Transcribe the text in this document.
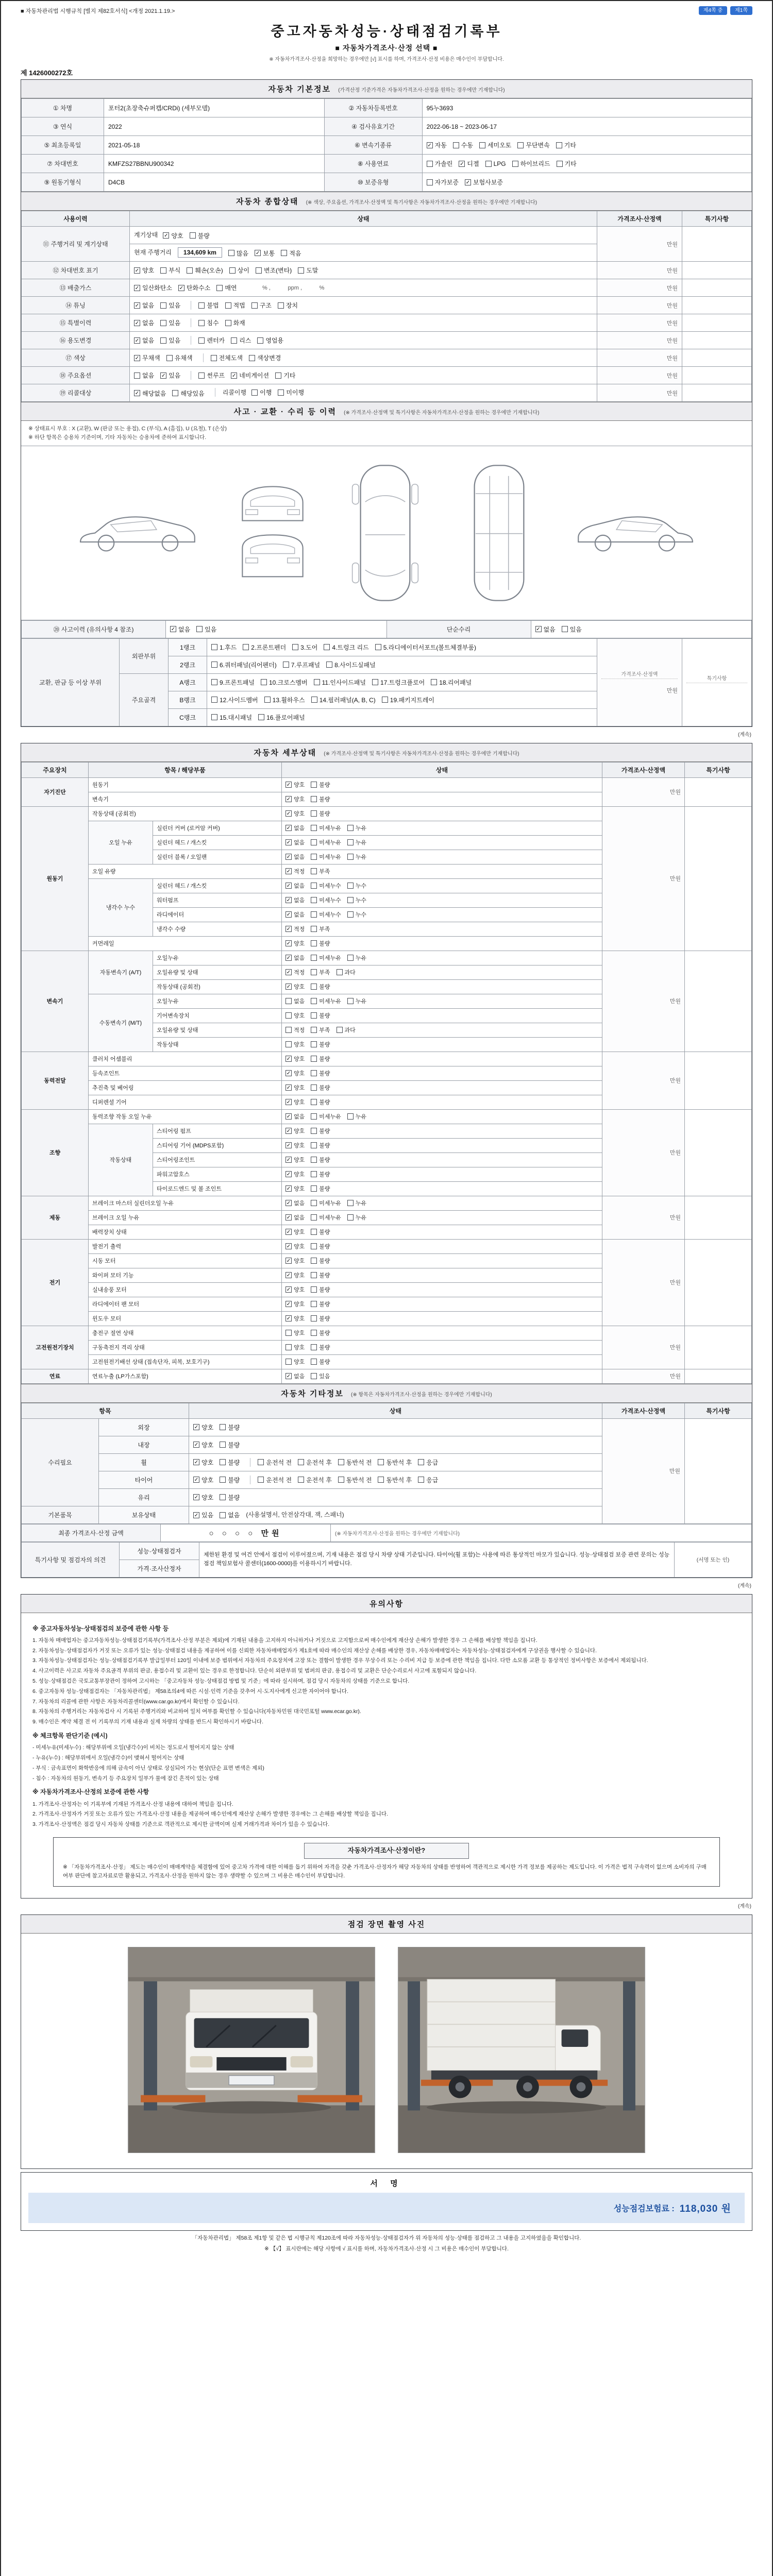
■ 자동차관리법 시행규칙 [별지 제82호서식] <개정 2021.1.19.>	제4쪽 중	제1쪽
중고자동차성능·상태점검기록부
■ 자동차가격조사·산정 선택 ■
※ 자동차가격조사·산정을 희망하는 경우에만 [√] 표시를 하며, 가격조사·산정 비용은 매수인이 부담합니다.
제 1426000272호
자동차 기본정보 (가격산정 기준가격은 자동차가격조사·산정을 원하는 경우에만 기재합니다)
① 차명	포터2(초장축슈퍼캡/CRDi) (세부모델)	② 자동차등록번호	95누3693
③ 연식	2022	④ 검사유효기간	2022-06-18 ~ 2023-06-17
⑤ 최초등록일	2021-05-18	⑥ 변속기종류	✓ 자동 수동 세미오토 무단변속 기타

⑦ 차대번호	KMFZS27BBNU900342	⑧ 사용연료	가솔린 ✓ 디젤 LPG 하이브리드 기타

⑨ 원동기형식	D4CB	⑩ 보증유형	자가보증 ✓ 보험사보증
자동차 종합상태 (※ 색상, 주요옵션, 가격조사·산정액 및 특기사항은 자동차가격조사·산정을 원하는 경우에만 기재합니다)
사용이력	상태	가격조사·산정액	특기사항
⑪ 주행거리 및 계기상태	계기상태 ✓ 양호 불량	만원	
현재 주행거리 134,609 km	많음 ✓ 보통 적음

⑫ 차대번호 표기	✓ 양호 부식 훼손(오손) 상이 변조(변타) 도말	만원	
⑬ 배출가스	✓ 일산화탄소 ✓ 탄화수소 매연 % ,           ppm ,           %	만원	
⑭ 튜닝	✓ 없음 있음	불법 적법 구조 장치	만원	
⑮ 특별이력	✓ 없음 있음	침수 화재	만원	
⑯ 용도변경	✓ 없음 있음	렌터카 리스 영업용	만원	
⑰ 색상	✓ 무채색 유채색	전체도색 색상변경	만원	
⑱ 주요옵션	없음 ✓ 있음	썬루프 ✓ 네비게이션 기타	만원	
⑲ 리콜대상	✓ 해당없음 해당있음	리콜이행 이행 미이행	만원	
사고 · 교환 · 수리 등 이력 (※ 가격조사·산정액 및 특기사항은 자동차가격조사·산정을 원하는 경우에만 기재합니다)
※ 상태표시 부호 : X (교환), W (판금 또는 용접), C (부식), A (흠집), U (요철), T (손상)
※ 하단 항목은 승용차 기준이며, 기타 자동차는 승용차에 준하여 표시합니다.
⑳ 사고이력 (유의사항 4 참조)	✓ 없음 있음	단순수리	✓ 없음 있음
교환, 판금 등 이상 부위	외판부위	1랭크	1.후드 2.프론트펜더 3.도어 4.트렁크 리드 5.라디에이터서포트(볼트체결부품)

가격조사·산정액
만원

특기사항

2랭크	6.쿼터패널(리어펜더) 7.루프패널 8.사이드실패널

주요골격	A랭크	9.프론트패널 10.크로스멤버 11.인사이드패널 17.트렁크플로어 18.리어패널

B랭크	12.사이드멤버 13.휠하우스 14.필러패널(A, B, C) 19.패키지트레이

		C랭크	15.대시패널 16.플로어패널		
(계속)
자동차 세부상태 (※ 가격조사·산정액 및 특기사항은 자동차가격조사·산정을 원하는 경우에만 기재합니다)
주요장치	항목 / 해당부품		상태	가격조사·산정액	특기사항
자기진단	원동기		✓ 양호 불량	만원	
	변속기		✓ 양호 불량		

원동기	작동상태 (공회전)		✓ 양호 불량	만원	
오일 누유	실린더 커버 (로커암 커버)	✓ 없음	미세누유	누유

실린더 헤드 / 개스킷	✓ 없음	미세누유	누유

실린더 블록 / 오일팬	✓ 없음	미세누유	누유

	오일 유량		✓ 적정 부족		

냉각수 누수	실린더 헤드 / 개스킷	✓ 없음	미세누수	누수

워터펌프	✓ 없음	미세누수	누수

라디에이터	✓ 없음	미세누수	누수

		냉각수 수량	✓ 적정 부족		

	커먼레일		✓ 양호 불량		

변속기	자동변속기 (A/T)	오일누유	✓ 없음	미세누유	누유
	만원	
오일유량 및 상태	✓ 적정	부족	과다

		작동상태 (공회전)	✓ 양호 불량		

수동변속기 (M/T)	오일누유	없음	미세누유	누유

		기어변속장치	양호 불량		

오일유량 및 상태	적정	부족	과다

		작동상태	양호 불량		

동력전달	클러치 어셈블리		✓ 양호 불량	만원	
	등속조인트		✓ 양호 불량		

	추진축 및 베어링		✓ 양호 불량		

	디퍼렌셜 기어		✓ 양호 불량		

조향	동력조향 작동 오일 누유	✓ 없음	미세누유	누유
	만원	
	작동상태	스티어링 펌프	✓ 양호 불량		

		스티어링 기어 (MDPS포함)	✓ 양호 불량		

		스티어링조인트	✓ 양호 불량		

		파워고압호스	✓ 양호 불량		

		타이로드엔드 및 볼 조인트	✓ 양호 불량		

제동	브레이크 마스터 실린더오일 누유	✓ 없음	미세누유	누유
	만원	
브레이크 오일 누유	✓ 없음	미세누유	누유

	배력장치 상태		✓ 양호 불량		

전기	발전기 출력		✓ 양호 불량	만원	
	시동 모터		✓ 양호 불량		

	와이퍼 모터 기능		✓ 양호 불량		

	실내송풍 모터		✓ 양호 불량		

	라디에이터 팬 모터		✓ 양호 불량		

	윈도우 모터		✓ 양호 불량		

고전원전기장치	충전구 절연 상태		양호 불량	만원	
	구동축전지 격리 상태		양호 불량		

	고전원전기배선 상태 (접속단자, 피복, 보호기구)		양호 불량		

연료	연료누출 (LP가스포함)		✓ 없음 있음	만원	
자동차 기타정보 (※ 항목은 자동차가격조사·산정을 원하는 경우에만 기재합니다)
항목		상태	가격조사·산정액	특기사항
수리필요	외장	✓ 양호 불량	만원	
	내장	✓ 양호 불량		

휠	✓ 양호 불량	운전석 전 운전석 후 동반석 전 동반석 후 응급

타이어	✓ 양호 불량	운전석 전 운전석 후 동반석 전 동반석 후 응급

	유리	✓ 양호 불량		

기본품목	보유상태	✓ 있음 없음 (사용설명서, 안전삼각대, 잭, 스패너)		
최종 가격조사·산정 금액	○ ○ ○ ○ 만원	(※ 자동차가격조사·산정을 원하는 경우에만 기재합니다)
특기사항 및 점검자의 의견	성능·상태점검자	제한된 환경 및 여건 안에서 점검이 이루어졌으며, 기재 내용은 점검 당시 차량 상태 기준입니다. 타이어(휠 포함)는 사용에 따른 통상적인 마모가 있습니다. 성능·상태점검 보증 관련 문의는 성능점검 책임보험사 콜센터(1600-0000)를 이용하시기 바랍니다.	(서명 또는 인)
가격·조사산정자
(계속)
유의사항
※ 중고자동차성능·상태점검의 보증에 관한 사항 등
1. 자동차 매매업자는 중고자동차성능·상태점검기록부(가격조사·산정 부분은 제외)에 기재된 내용을 고지하지 아니하거나 거짓으로 고지함으로써 매수인에게 재산상 손해가 발생한 경우 그 손해를 배상할 책임을 집니다.
2. 자동차성능·상태점검자가 거짓 또는 오류가 있는 성능·상태점검 내용을 제공하여 이를 신뢰한 자동차매매업자가 제1호에 따라 매수인의 재산상 손해를 배상한 경우, 자동차매매업자는 자동차성능·상태점검자에게 구상권을 행사할 수 있습니다.
3. 자동차성능·상태점검자는 성능·상태점검기록부 발급일부터 120일 이내에 보증 범위에서 자동차의 주요장치에 고장 또는 결함이 발생한 경우 무상수리 또는 수리비 지급 등 보증에 관한 책임을 집니다. 다만 소모품 교환 등 통상적인 정비사항은 보증에서 제외됩니다.
4. 사고이력은 사고로 자동차 주요골격 부위의 판금, 용접수리 및 교환이 있는 경우로 한정합니다. 단순히 외판부위 및 범퍼의 판금, 용접수리 및 교환은 단순수리로서 사고에 포함되지 않습니다.
5. 성능·상태점검은 국토교통부장관이 정하여 고시하는 「중고자동차 성능·상태점검 방법 및 기준」에 따라 실시하며, 점검 당시 자동차의 상태를 기준으로 합니다.
6. 중고자동차 성능·상태점검자는 「자동차관리법」 제58조의4에 따른 시설·인력 기준을 갖추어 시·도지사에게 신고한 자이어야 합니다.
7. 자동차의 리콜에 관한 사항은 자동차리콜센터(www.car.go.kr)에서 확인할 수 있습니다.
8. 자동차의 주행거리는 자동차검사 시 기록된 주행거리와 비교하여 일치 여부를 확인할 수 있습니다(자동차민원 대국민포털 www.ecar.go.kr).
9. 매수인은 계약 체결 전 이 기록부의 기재 내용과 실제 차량의 상태를 반드시 확인하시기 바랍니다.
※ 체크항목 판단기준 (예시)
- 미세누유(미세누수) : 해당부위에 오일(냉각수)이 비치는 정도로서 떨어지지 않는 상태
- 누유(누수) : 해당부위에서 오일(냉각수)이 맺혀서 떨어지는 상태
- 부식 : 금속표면이 화학반응에 의해 금속이 아닌 상태로 상실되어 가는 현상(단순 표면 변색은 제외)
- 침수 : 자동차의 원동기, 변속기 등 주요장치 일부가 물에 잠긴 흔적이 있는 상태
※ 자동차가격조사·산정의 보증에 관한 사항
1. 가격조사·산정자는 이 기록부에 기재된 가격조사·산정 내용에 대하여 책임을 집니다.
2. 가격조사·산정자가 거짓 또는 오류가 있는 가격조사·산정 내용을 제공하여 매수인에게 재산상 손해가 발생한 경우에는 그 손해를 배상할 책임을 집니다.
3. 가격조사·산정액은 점검 당시 자동차 상태를 기준으로 객관적으로 제시한 금액이며 실제 거래가격과 차이가 있을 수 있습니다.
자동차가격조사·산정이란?
※ 「자동차가격조사·산정」 제도는 매수인이 매매계약을 체결함에 있어 중고차 가격에 대한 이해를 돕기 위하여 자격을 갖춘 가격조사·산정자가 해당 자동차의 상태를 반영하여 객관적으로 제시한 가격 정보를 제공하는 제도입니다. 이 가격은 법적 구속력이 없으며 소비자의 구매여부 판단에 참고자료로만 활용되고, 가격조사·산정을 원하지 않는 경우 생략할 수 있으며 그 비용은 매수인이 부담합니다.
(계속)
점검 장면 촬영 사진
서 명
성능점검보험료 : 118,030 원
「자동차관리법」 제58조 제1항 및 같은 법 시행규칙 제120조에 따라 자동차성능·상태점검자가 위 자동차의 성능·상태를 점검하고 그 내용을 고지하였음을 확인합니다.
※ 【√】 표시란에는 해당 사항에 √ 표시를 하며, 자동차가격조사·산정 시 그 비용은 매수인이 부담합니다.
